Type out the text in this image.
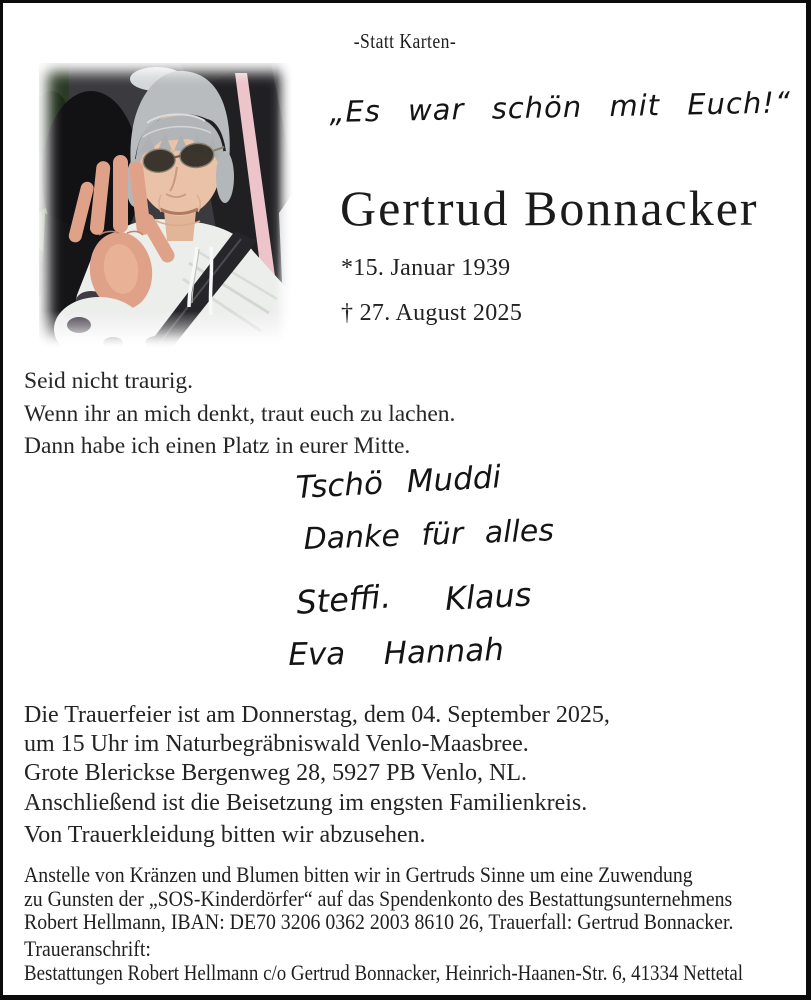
-Statt Karten-
„Es war schön mit Euch!“
Gertrud Bonnacker
*15. Januar 1939
† 27. August 2025
Seid nicht traurig.
Wenn ihr an mich denkt, traut euch zu lachen.
Dann habe ich einen Platz in eurer Mitte.
Tschö Muddi
Danke für alles
Steffi. Klaus
Eva Hannah
Die Trauerfeier ist am Donnerstag, dem 04. September 2025,
um 15 Uhr im Naturbegräbniswald Venlo-Maasbree.
Grote Blerickse Bergenweg 28, 5927 PB Venlo, NL.
Anschließend ist die Beisetzung im engsten Familienkreis.
Von Trauerkleidung bitten wir abzusehen.
Anstelle von Kränzen und Blumen bitten wir in Gertruds Sinne um eine Zuwendung
zu Gunsten der „SOS-Kinderdörfer“ auf das Spendenkonto des Bestattungsunternehmens
Robert Hellmann, IBAN: DE70 3206 0362 2003 8610 26, Trauerfall: Gertrud Bonnacker.
Traueranschrift:
Bestattungen Robert Hellmann c/o Gertrud Bonnacker, Heinrich-Haanen-Str. 6, 41334 Nettetal
